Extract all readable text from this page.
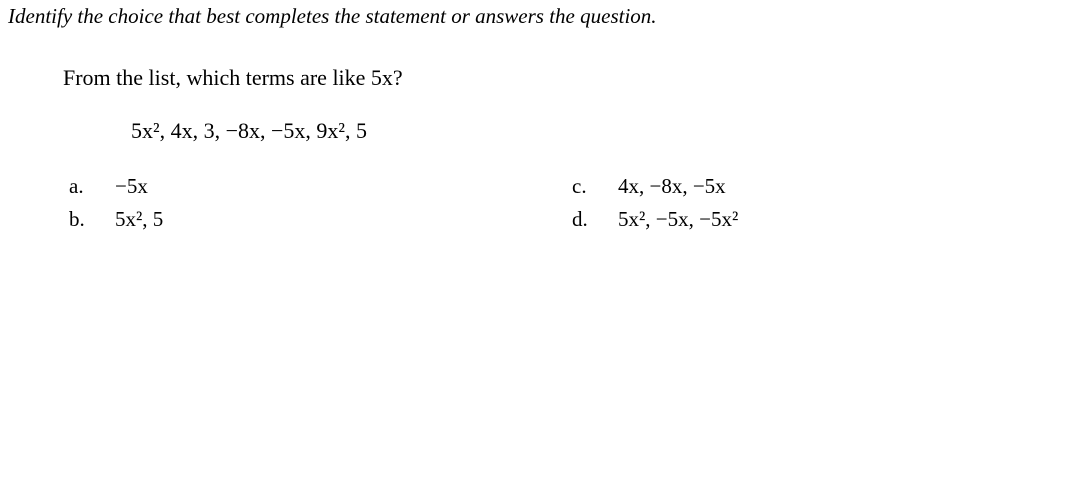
Identify the choice that best completes the statement or answers the question.
From the list, which terms are like 5x?
5x², 4x, 3, −8x, −5x, 9x², 5
a. −5x
b. 5x², 5
c. 4x, −8x, −5x
d. 5x², −5x, −5x²
